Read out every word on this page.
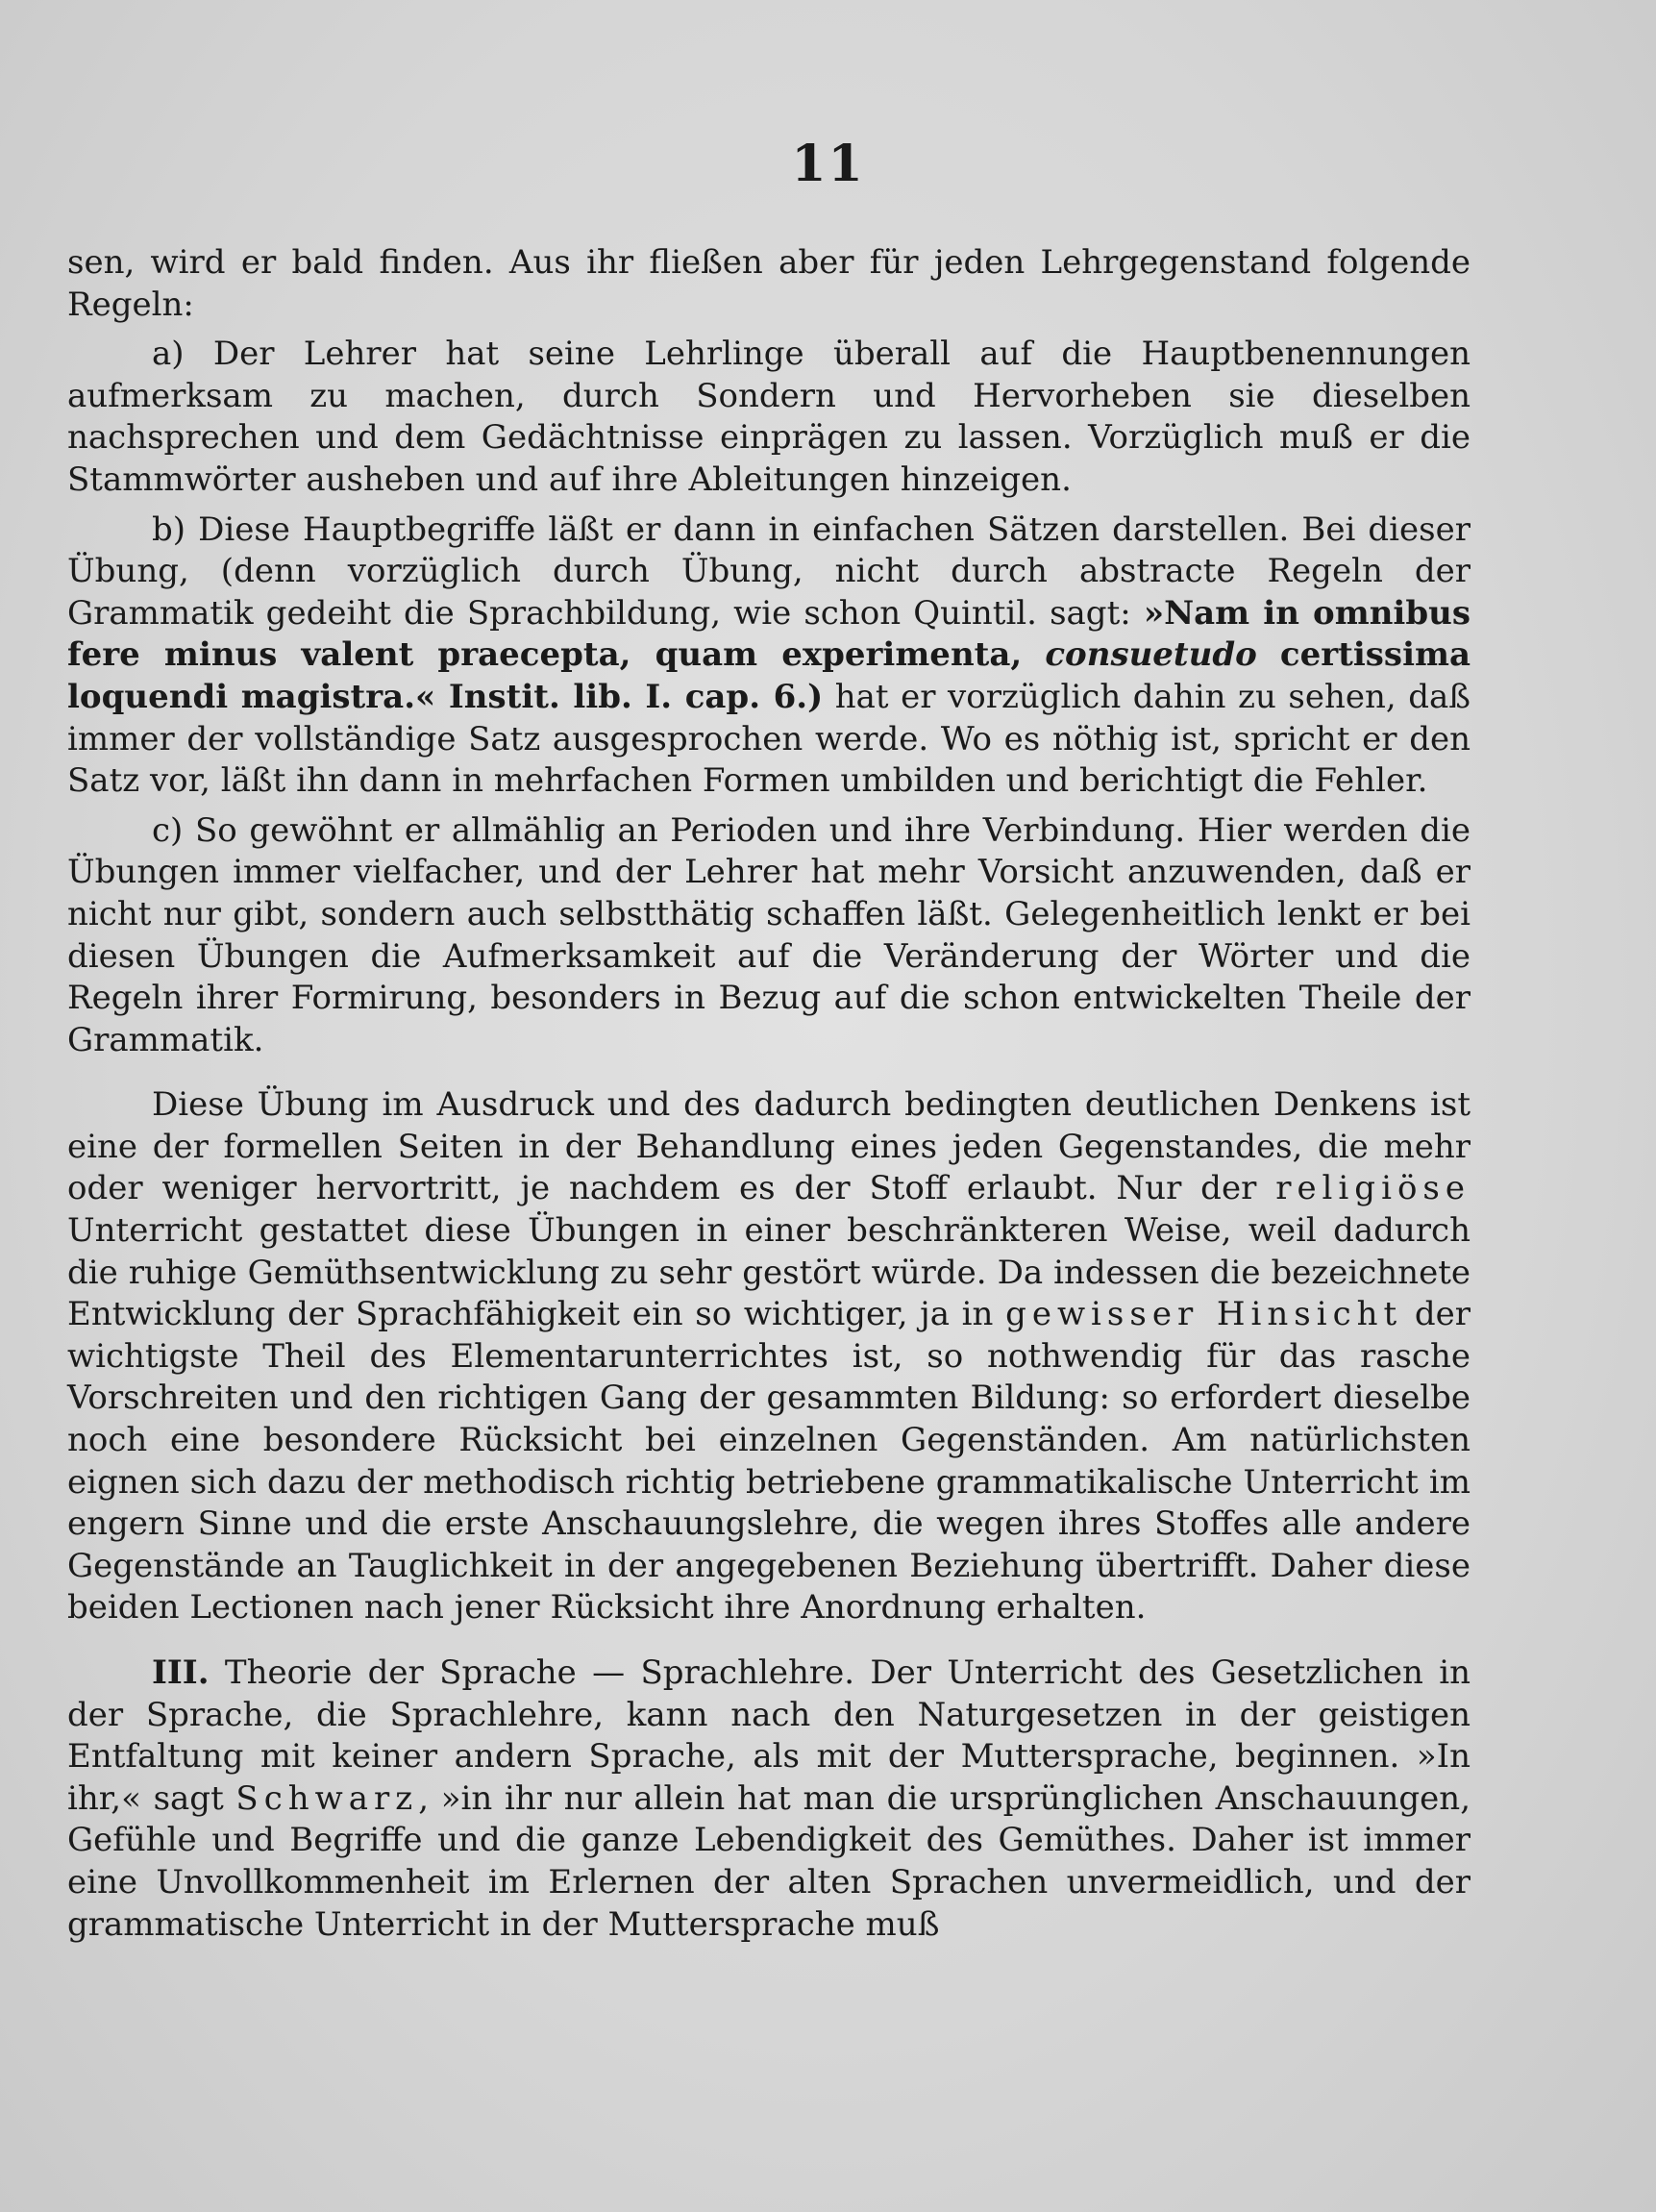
11

sen, wird er bald finden. Aus ihr fließen aber für jeden Lehrgegenstand folgende Regeln:

a) Der Lehrer hat seine Lehrlinge überall auf die Hauptbenennungen aufmerksam zu machen, durch Sondern und Hervorheben sie dieselben nachsprechen und dem Gedächtnisse einprägen zu lassen. Vorzüglich muß er die Stammwörter ausheben und auf ihre Ableitungen hinzeigen.

b) Diese Hauptbegriffe läßt er dann in einfachen Sätzen darstellen. Bei dieser Übung, (denn vorzüglich durch Übung, nicht durch abstracte Regeln der Grammatik gedeiht die Sprachbildung, wie schon Quintil. sagt: »Nam in omnibus fere minus valent praecepta, quam experimenta, consuetudo certissima loquendi magistra.« Instit. lib. I. cap. 6.) hat er vorzüglich dahin zu sehen, daß immer der vollständige Satz ausgesprochen werde. Wo es nöthig ist, spricht er den Satz vor, läßt ihn dann in mehrfachen Formen umbilden und berichtigt die Fehler.

c) So gewöhnt er allmählig an Perioden und ihre Verbindung. Hier werden die Übungen immer vielfacher, und der Lehrer hat mehr Vorsicht anzuwenden, daß er nicht nur gibt, sondern auch selbstthätig schaffen läßt. Gelegenheitlich lenkt er bei diesen Übungen die Aufmerksamkeit auf die Veränderung der Wörter und die Regeln ihrer Formirung, besonders in Bezug auf die schon entwickelten Theile der Grammatik.

Diese Übung im Ausdruck und des dadurch bedingten deutlichen Denkens ist eine der formellen Seiten in der Behandlung eines jeden Gegenstandes, die mehr oder weniger hervortritt, je nachdem es der Stoff erlaubt. Nur der religiöse Unterricht gestattet diese Übungen in einer beschränkteren Weise, weil dadurch die ruhige Gemüthsentwicklung zu sehr gestört würde. Da indessen die bezeichnete Entwicklung der Sprachfähigkeit ein so wichtiger, ja in gewisser Hinsicht der wichtigste Theil des Elementarunterrichtes ist, so nothwendig für das rasche Vorschreiten und den richtigen Gang der gesammten Bildung: so erfordert dieselbe noch eine besondere Rücksicht bei einzelnen Gegenständen. Am natürlichsten eignen sich dazu der methodisch richtig betriebene grammatikalische Unterricht im engern Sinne und die erste Anschauungslehre, die wegen ihres Stoffes alle andere Gegenstände an Tauglichkeit in der angegebenen Beziehung übertrifft. Daher diese beiden Lectionen nach jener Rücksicht ihre Anordnung erhalten.

III. Theorie der Sprache — Sprachlehre. Der Unterricht des Gesetzlichen in der Sprache, die Sprachlehre, kann nach den Naturgesetzen in der geistigen Entfaltung mit keiner andern Sprache, als mit der Muttersprache, beginnen. »In ihr,« sagt Schwarz, »in ihr nur allein hat man die ursprünglichen Anschauungen, Gefühle und Begriffe und die ganze Lebendigkeit des Gemüthes. Daher ist immer eine Unvollkommenheit im Erlernen der alten Sprachen unvermeidlich, und der grammatische Unterricht in der Muttersprache muß
